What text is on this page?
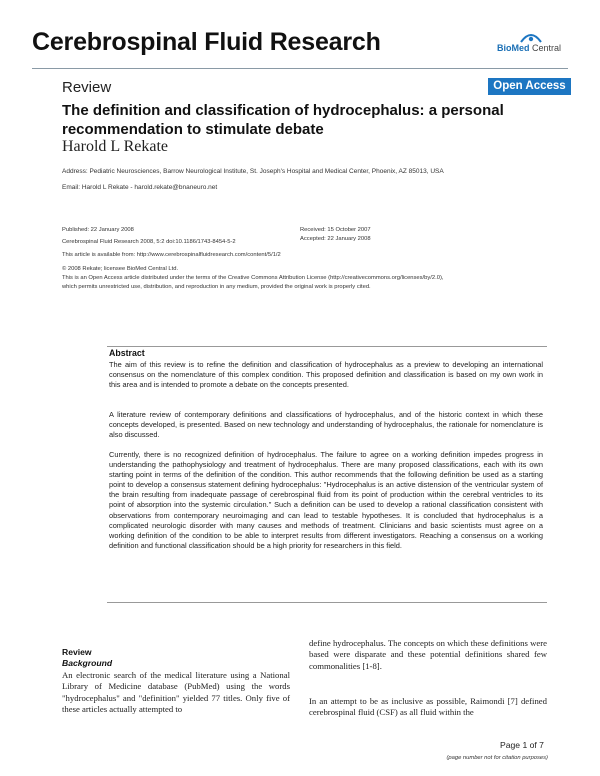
Cerebrospinal Fluid Research	BioMed Central
Review	Open Access
The definition and classification of hydrocephalus: a personal recommendation to stimulate debate
Harold L Rekate
Address: Pediatric Neurosciences, Barrow Neurological Institute, St. Joseph's Hospital and Medical Center, Phoenix, AZ 85013, USA
Email: Harold L Rekate - harold.rekate@bnaneuro.net
Published: 22 January 2008
Cerebrospinal Fluid Research 2008, 5:2 doi:10.1186/1743-8454-5-2
Received: 15 October 2007
Accepted: 22 January 2008
This article is available from: http://www.cerebrospinalfluidresearch.com/content/5/1/2
© 2008 Rekate; licensee BioMed Central Ltd.
This is an Open Access article distributed under the terms of the Creative Commons Attribution License (http://creativecommons.org/licenses/by/2.0),
which permits unrestricted use, distribution, and reproduction in any medium, provided the original work is properly cited.
Abstract
The aim of this review is to refine the definition and classification of hydrocephalus as a preview to developing an international consensus on the nomenclature of this complex condition. This proposed definition and classification is based on my own work in this area and is intended to promote a debate on the concepts presented.
A literature review of contemporary definitions and classifications of hydrocephalus, and of the historic context in which these concepts developed, is presented. Based on new technology and understanding of hydrocephalus, the rationale for nomenclature is also discussed.
Currently, there is no recognized definition of hydrocephalus. The failure to agree on a working definition impedes progress in understanding the pathophysiology and treatment of hydrocephalus. There are many proposed classifications, each with its own starting point in terms of the definition of the condition. This author recommends that the following definition be used as a starting point to develop a consensus statement defining hydrocephalus: "Hydrocephalus is an active distension of the ventricular system of the brain resulting from inadequate passage of cerebrospinal fluid from its point of production within the cerebral ventricles to its point of absorption into the systemic circulation." Such a definition can be used to develop a rational classification consistent with observations from contemporary neuroimaging and can lead to testable hypotheses. It is concluded that hydrocephalus is a complicated neurologic disorder with many causes and methods of treatment. Clinicians and basic scientists must agree on a working definition of the condition to be able to interpret results from different investigators. Reaching a consensus on a working definition and functional classification should be a high priority for researchers in this field.
Review
Background
An electronic search of the medical literature using a National Library of Medicine database (PubMed) using the words "hydrocephalus" and "definition" yielded 77 titles. Only five of these articles actually attempted to
define hydrocephalus. The concepts on which these definitions were based were disparate and these potential definitions shared few commonalities [1-8].
In an attempt to be as inclusive as possible, Raimondi [7] defined cerebrospinal fluid (CSF) as all fluid within the
Page 1 of 7
(page number not for citation purposes)
